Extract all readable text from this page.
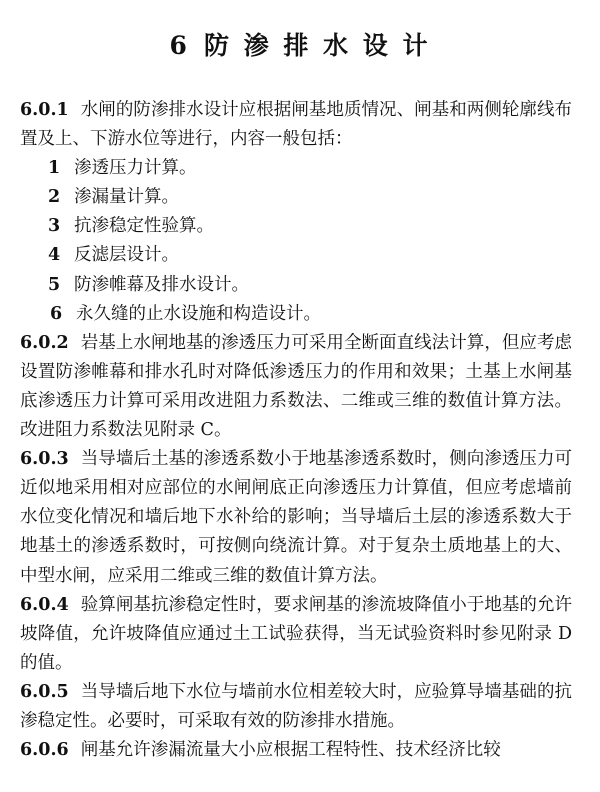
6 防 渗 排 水 设 计

6.0.1 水闸的防渗排水设计应根据闸基地质情况、闸基和两侧轮廓线布置及上、下游水位等进行，内容一般包括：

1 渗透压力计算。
2 渗漏量计算。
3 抗渗稳定性验算。
4 反滤层设计。
5 防渗帷幕及排水设计。
6 永久缝的止水设施和构造设计。

6.0.2 岩基上水闸地基的渗透压力可采用全断面直线法计算，但应考虑设置防渗帷幕和排水孔时对降低渗透压力的作用和效果；土基上水闸基底渗透压力计算可采用改进阻力系数法、二维或三维的数值计算方法。改进阻力系数法见附录 C。

6.0.3 当导墙后土基的渗透系数小于地基渗透系数时，侧向渗透压力可近似地采用相对应部位的水闸闸底正向渗透压力计算值，但应考虑墙前水位变化情况和墙后地下水补给的影响；当导墙后土层的渗透系数大于地基土的渗透系数时，可按侧向绕流计算。对于复杂土质地基上的大、中型水闸，应采用二维或三维的数值计算方法。

6.0.4 验算闸基抗渗稳定性时，要求闸基的渗流坡降值小于地基的允许坡降值，允许坡降值应通过土工试验获得，当无试验资料时参见附录 D 的值。

6.0.5 当导墙后地下水位与墙前水位相差较大时，应验算导墙基础的抗渗稳定性。必要时，可采取有效的防渗排水措施。

6.0.6 闸基允许渗漏流量大小应根据工程特性、技术经济比较
